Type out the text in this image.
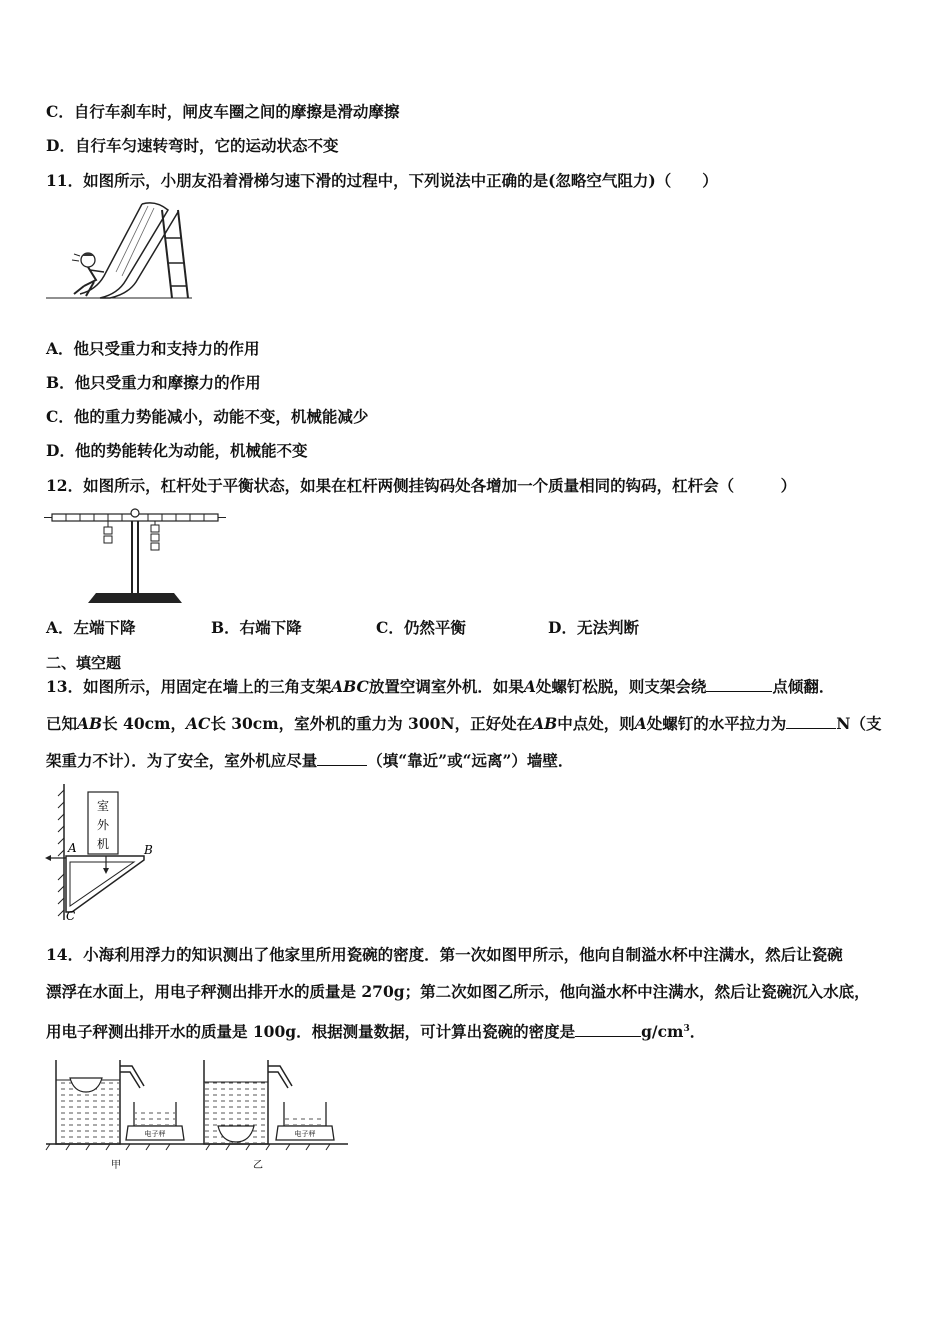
C．自行车刹车时，闸皮车圈之间的摩擦是滑动摩擦
D．自行车匀速转弯时，它的运动状态不变
11．如图所示，小朋友沿着滑梯匀速下滑的过程中，下列说法中正确的是(忽略空气阻力)（　　）
A．他只受重力和支持力的作用
B．他只受重力和摩擦力的作用
C．他的重力势能减小，动能不变，机械能减少
D．他的势能转化为动能，机械能不变
12．如图所示，杠杆处于平衡状态，如果在杠杆两侧挂钩码处各增加一个质量相同的钩码，杠杆会（　　　）
A．左端下降	B．右端下降	C．仍然平衡	D．无法判断
二、填空题
13．如图所示，用固定在墙上的三角支架ABC放置空调室外机．如果A处螺钉松脱，则支架会绕	点倾翻．
已知AB长 40cm，AC长 30cm，室外机的重力为 300N，正好处在AB中点处，则A处螺钉的水平拉力为	N（支
架重力不计）．为了安全，室外机应尽量	（填“靠近”或“远离”）墙壁．
室
外
机
A	B
C
14．小海利用浮力的知识测出了他家里所用瓷碗的密度．第一次如图甲所示，他向自制溢水杯中注满水，然后让瓷碗
漂浮在水面上，用电子秤测出排开水的质量是 270g；第二次如图乙所示，他向溢水杯中注满水，然后让瓷碗沉入水底，
用电子秤测出排开水的质量是 100g．根据测量数据，可计算出瓷碗的密度是	$g/cm^3$．
电子秤
甲
电子秤
乙
